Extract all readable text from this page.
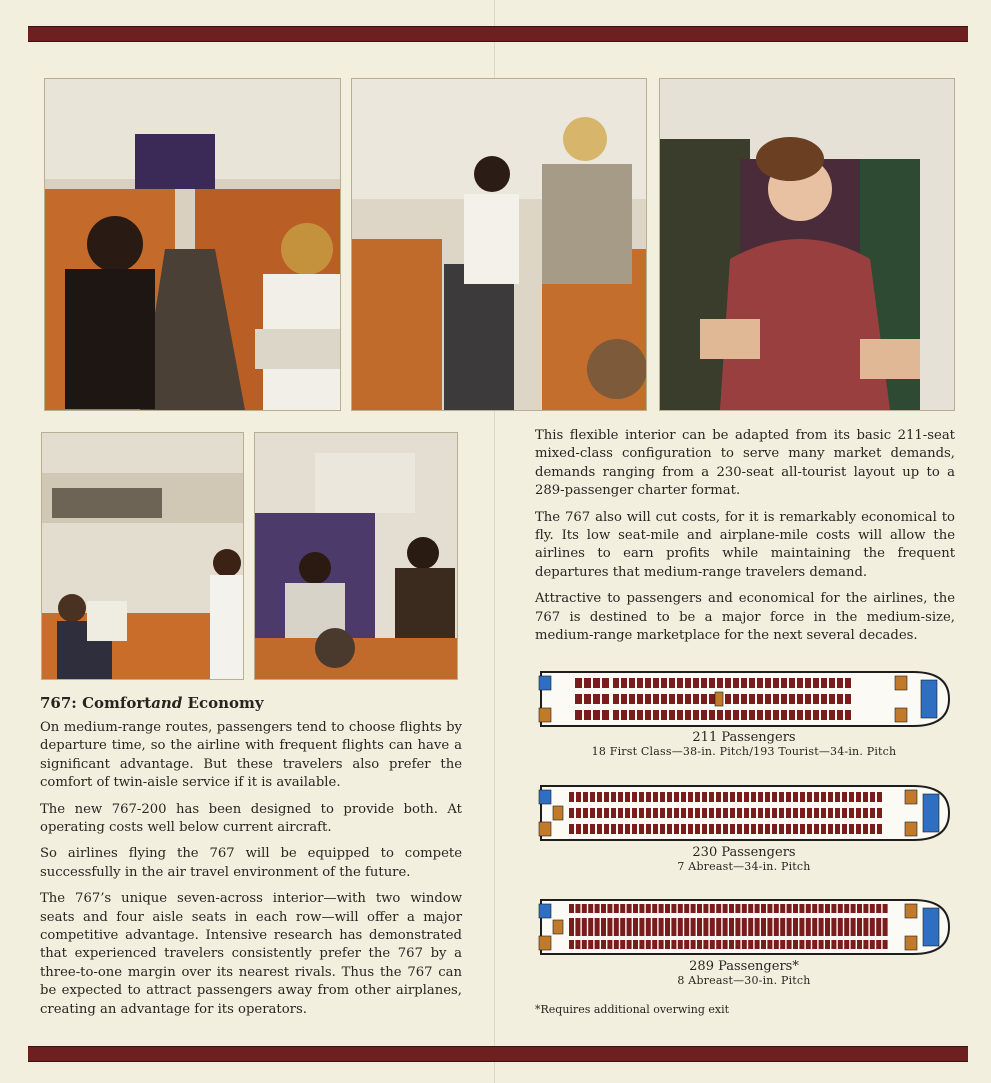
767: Comfortand Economy

On medium-range routes, passengers tend to choose flights by departure time, so the airline with frequent flights can have a significant advantage. But these travelers also prefer the comfort of twin-aisle service if it is available.

The new 767-200 has been designed to provide both. At operating costs well below current aircraft.

So airlines flying the 767 will be equipped to compete successfully in the air travel environment of the future.

The 767’s unique seven-across interior—with two window seats and four aisle seats in each row—will offer a major competitive advantage. Intensive research has demonstrated that experienced travelers consistently prefer the 767 by a three-to-one margin over its nearest rivals. Thus the 767 can be expected to attract passengers away from other airplanes, creating an advantage for its operators.

This flexible interior can be adapted from its basic 211-seat mixed-class configuration to serve many market demands, demands ranging from a 230-seat all-tourist layout up to a 289-passenger charter format.

The 767 also will cut costs, for it is remarkably economical to fly. Its low seat-mile and airplane-mile costs will allow the airlines to earn profits while maintaining the frequent departures that medium-range travelers demand.

Attractive to passengers and economical for the airlines, the 767 is destined to be a major force in the medium-size, medium-range marketplace for the next several decades.

211 Passengers
18 First Class—38-in. Pitch/193 Tourist—34-in. Pitch
230 Passengers
7 Abreast—34-in. Pitch
289 Passengers*
8 Abreast—30-in. Pitch
*Requires additional overwing exit
